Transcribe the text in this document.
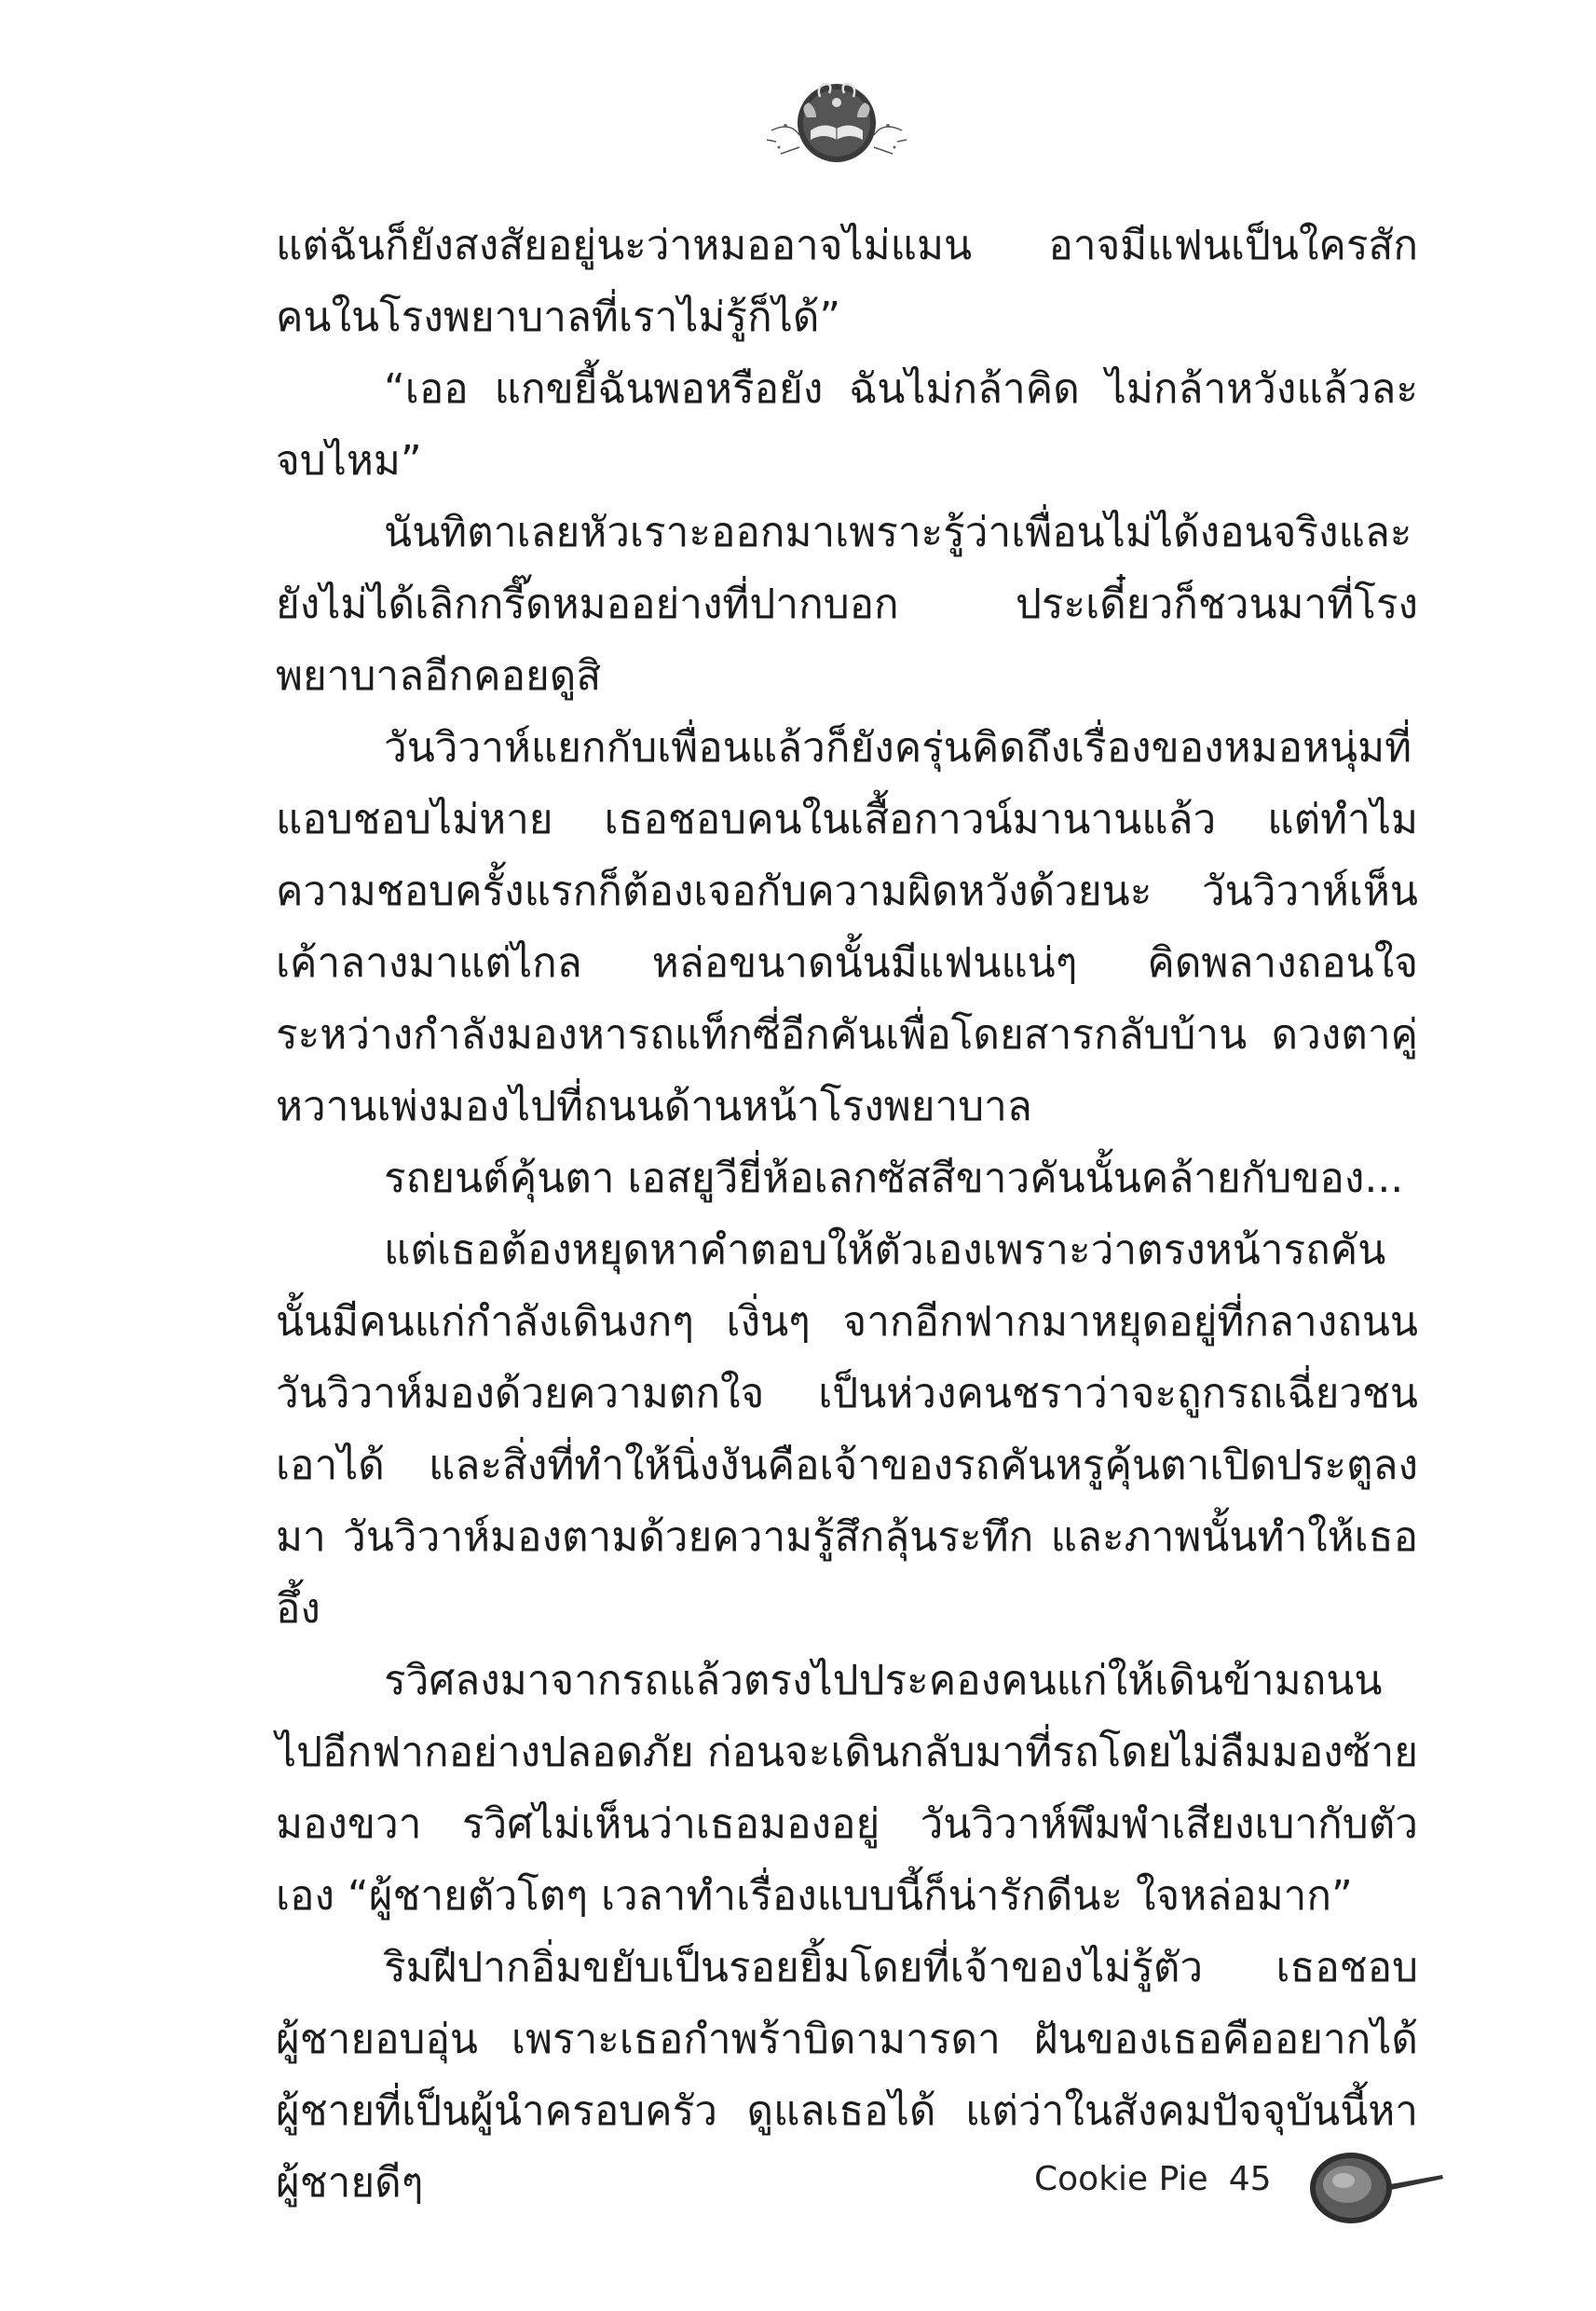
แต่ฉันก็ยังสงสัยอยู่นะว่าหมออาจไม่แมน อาจมีแฟนเป็นใครสักคนในโรงพยาบาลที่เราไม่รู้ก็ได้”

“เออ แกขยี้ฉันพอหรือยัง ฉันไม่กล้าคิด ไม่กล้าหวังแล้วละ จบไหม”

นันทิตาเลยหัวเราะออกมาเพราะรู้ว่าเพื่อนไม่ได้งอนจริงและยังไม่ได้เลิกกรี๊ดหมออย่างที่ปากบอก ประเดี๋ยวก็ชวนมาที่โรงพยาบาลอีกคอยดูสิ

วันวิวาห์แยกกับเพื่อนแล้วก็ยังครุ่นคิดถึงเรื่องของหมอหนุ่มที่แอบชอบไม่หาย เธอชอบคนในเสื้อกาวน์มานานแล้ว แต่ทำไมความชอบครั้งแรกก็ต้องเจอกับความผิดหวังด้วยนะ วันวิวาห์เห็นเค้าลางมาแต่ไกล หล่อขนาดนั้นมีแฟนแน่ๆ คิดพลางถอนใจระหว่างกำลังมองหารถแท็กซี่อีกคันเพื่อโดยสารกลับบ้าน ดวงตาคู่หวานเพ่งมองไปที่ถนนด้านหน้าโรงพยาบาล

รถยนต์คุ้นตา เอสยูวียี่ห้อเลกซัสสีขาวคันนั้นคล้ายกับของ...

แต่เธอต้องหยุดหาคำตอบให้ตัวเองเพราะว่าตรงหน้ารถคันนั้นมีคนแก่กำลังเดินงกๆ เงิ่นๆ จากอีกฟากมาหยุดอยู่ที่กลางถนน วันวิวาห์มองด้วยความตกใจ เป็นห่วงคนชราว่าจะถูกรถเฉี่ยวชนเอาได้ และสิ่งที่ทำให้นิ่งงันคือเจ้าของรถคันหรูคุ้นตาเปิดประตูลงมา วันวิวาห์มองตามด้วยความรู้สึกลุ้นระทึก และภาพนั้นทำให้เธออึ้ง

รวิศลงมาจากรถแล้วตรงไปประคองคนแก่ให้เดินข้ามถนนไปอีกฟากอย่างปลอดภัย ก่อนจะเดินกลับมาที่รถโดยไม่ลืมมองซ้ายมองขวา รวิศไม่เห็นว่าเธอมองอยู่ วันวิวาห์พึมพำเสียงเบากับตัวเอง “ผู้ชายตัวโตๆ เวลาทำเรื่องแบบนี้ก็น่ารักดีนะ ใจหล่อมาก”

ริมฝีปากอิ่มขยับเป็นรอยยิ้มโดยที่เจ้าของไม่รู้ตัว เธอชอบผู้ชายอบอุ่น เพราะเธอกำพร้าบิดามารดา ฝันของเธอคืออยากได้ผู้ชายที่เป็นผู้นำครอบครัว ดูแลเธอได้ แต่ว่าในสังคมปัจจุบันนี้หาผู้ชายดีๆ	Cookie Pie 45
